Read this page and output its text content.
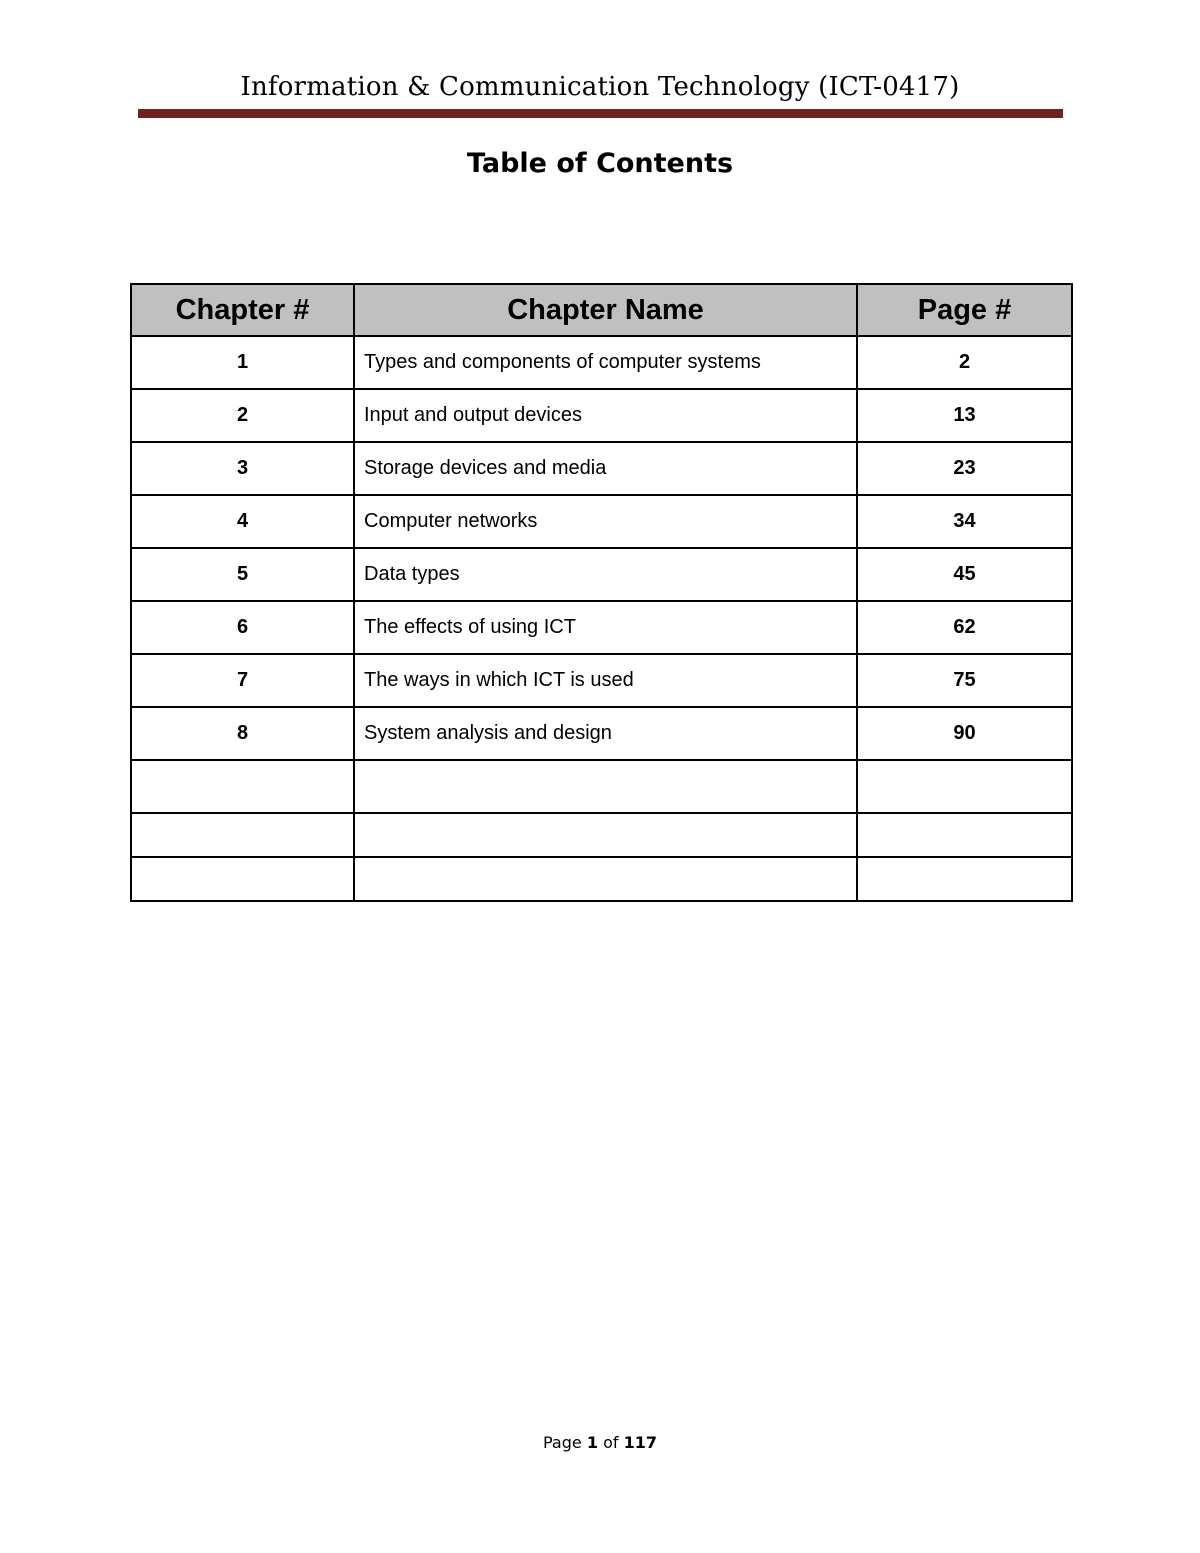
Information & Communication Technology (ICT-0417)
Table of Contents
Chapter #	Chapter Name	Page #
1	Types and components of computer systems	2
2	Input and output devices	13
3	Storage devices and media	23
4	Computer networks	34
5	Data types	45
6	The effects of using ICT	62
7	The ways in which ICT is used	75
8	System analysis and design	90

Page 1 of 117
